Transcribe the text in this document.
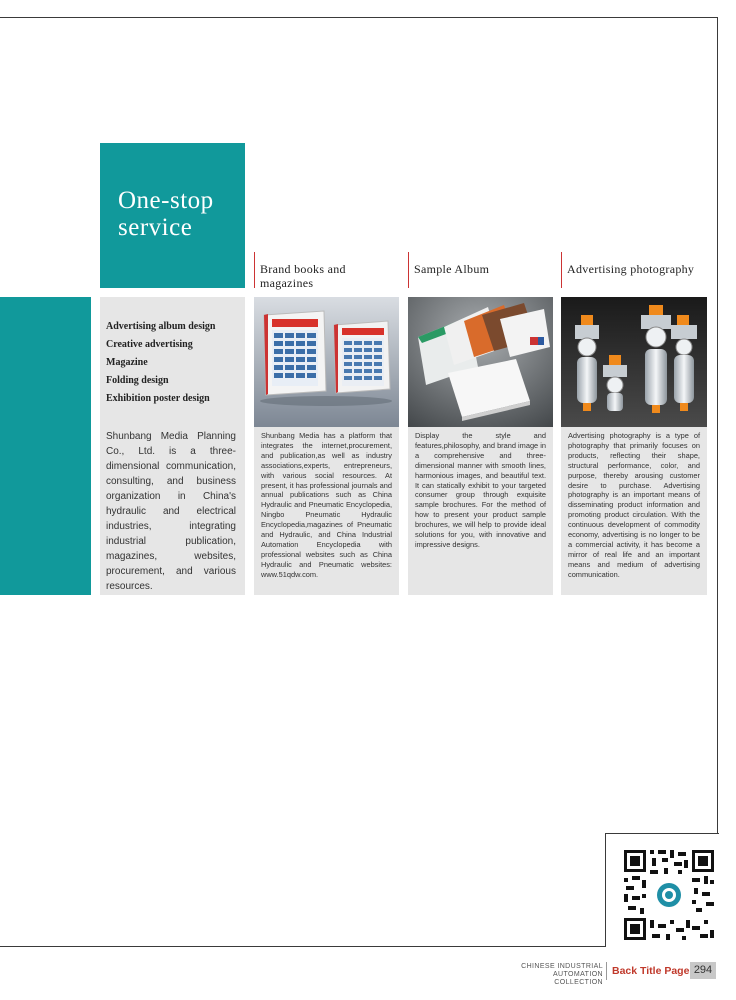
One-stop service
Advertising album design
Creative advertising
Magazine
Folding design
Exhibition poster design
Shunbang Media Planning Co., Ltd. is a three-dimensional communication, consulting, and business organization in China's hydraulic and electrical industries, integrating industrial publication, magazines, websites, procurement, and various resources.
Brand books and magazines
Sample Album	Advertising photography
Shunbang Media has a platform that integrates the internet,procurement, and publication,as well as industry associations,experts, entrepreneurs, with various social resources. At present, it has professional journals and annual publications such as China Hydraulic and Pneumatic Encyclopedia, Ningbo Pneumatic Hydraulic Encyclopedia,magazines of Pneumatic and Hydraulic, and China Industrial Automation Encyclopedia with professional websites such as China Hydraulic and Pneumatic websites: www.51qdw.com.
Display the style and features,philosophy, and brand image in a comprehensive and three-dimensional manner with smooth lines, harmonious images, and beautiful text. It can statically exhibit to your targeted consumer group through exquisite sample brochures. For the method of how to present your product sample brochures, we will help to provide ideal solutions for you, with innovative and impressive designs.
Advertising photography is a type of photography that primarily focuses on products, reflecting their shape, structural performance, color, and purpose, thereby arousing customer desire to purchase. Advertising photography is an important means of disseminating product information and promoting product circulation. With the continuous development of commodity economy, advertising is no longer to be a commercial activity, it has become a mirror of real life and an important means and medium of advertising communication.
CHINESE INDUSTRIAL AUTOMATION
COLLECTION
Back Title Page 294
